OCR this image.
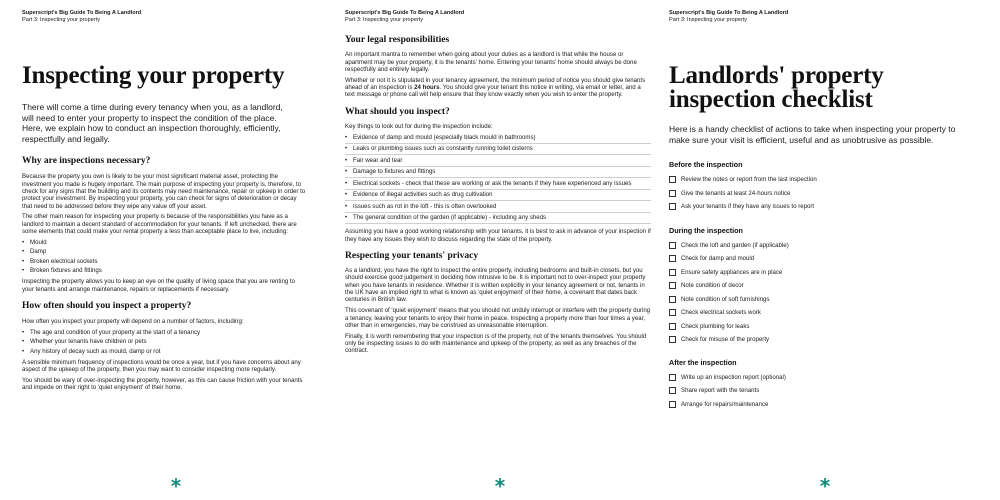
Superscript's Big Guide To Being A Landlord
Part 3: Inspecting your property
Inspecting your property

There will come a time during every tenancy when you, as a landlord, will need to enter your property to inspect the condition of the place. Here, we explain how to conduct an inspection thoroughly, efficiently, respectfully and legally.

Why are inspections necessary?

Because the property you own is likely to be your most significant material asset, protecting the investment you made is hugely important. The main purpose of inspecting your property is, therefore, to check for any signs that the building and its contents may need maintenance, repair or upkeep in order to protect your investment. By inspecting your property, you can check for signs of deterioration or decay that need to be addressed before they wipe any value off your asset.

The other main reason for inspecting your property is because of the responsibilities you have as a landlord to maintain a decent standard of accommodation for your tenants. If left unchecked, there are some elements that could make your rental property a less than acceptable place to live, including:

• Mould
• Damp
• Broken electrical sockets
• Broken fixtures and fittings

Inspecting the property allows you to keep an eye on the quality of living space that you are renting to your tenants and arrange maintenance, repairs or replacements if necessary.

How often should you inspect a property?

How often you inspect your property will depend on a number of factors, including:

• The age and condition of your property at the start of a tenancy
• Whether your tenants have children or pets
• Any history of decay such as mould, damp or rot

A sensible minimum frequency of inspections would be once a year, but if you have concerns about any aspect of the upkeep of the property, then you may want to consider inspecting more regularly.

You should be wary of over-inspecting the property, however, as this can cause friction with your tenants and impede on their right to 'quiet enjoyment' of their home.

*
Superscript's Big Guide To Being A Landlord
Part 3: Inspecting your property
Your legal responsibilities

An important mantra to remember when going about your duties as a landlord is that while the house or apartment may be your property, it is the tenants' home. Entering your tenants' home should always be done respectfully and entirely legally.

Whether or not it is stipulated in your tenancy agreement, the minimum period of notice you should give tenants ahead of an inspection is 24 hours. You should give your tenant this notice in writing, via email or letter, and a text message or phone call will help ensure that they know exactly when you wish to enter the property.

What should you inspect?

Key things to look out for during the inspection include:

• Evidence of damp and mould (especially black mould in bathrooms)
• Leaks or plumbing issues such as constantly running toilet cisterns
• Fair wear and tear
• Damage to fixtures and fittings
• Electrical sockets - check that these are working or ask the tenants if they have experienced any issues
• Evidence of illegal activities such as drug cultivation
• Issues such as rot in the loft - this is often overlooked
• The general condition of the garden (if applicable) - including any sheds

Assuming you have a good working relationship with your tenants, it is best to ask in advance of your inspection if they have any issues they wish to discuss regarding the state of the property.

Respecting your tenants' privacy

As a landlord, you have the right to inspect the entire property, including bedrooms and built-in closets, but you should exercise good judgement in deciding how intrusive to be. It is important not to over-inspect your property when you have tenants in residence. Whether it is written explicitly in your tenancy agreement or not, tenants in the UK have an implied right to what is known as 'quiet enjoyment' of their home, a covenant that dates back centuries in British law.

This covenant of 'quiet enjoyment' means that you should not unduly interrupt or interfere with the property during a tenancy, leaving your tenants to enjoy their home in peace. Inspecting a property more than four times a year, other than in emergencies, may be construed as unreasonable interruption.

Finally, it is worth remembering that your inspection is of the property, not of the tenants themselves. You should only be inspecting issues to do with maintenance and upkeep of the property, as well as any breaches of the contract.

*
Superscript's Big Guide To Being A Landlord
Part 3: Inspecting your property
Landlords' property inspection checklist

Here is a handy checklist of actions to take when inspecting your property to make sure your visit is efficient, useful and as unobtrusive as possible.

Before the inspection

Review the notes or report from the last inspection
Give the tenants at least 24-hours notice
Ask your tenants if they have any issues to report

During the inspection

Check the loft and garden (if applicable)
Check for damp and mould
Ensure safety appliances are in place
Note condition of decor
Note condition of soft furnishings
Check electrical sockets work
Check plumbing for leaks
Check for misuse of the property

After the inspection

Write up an inspection report (optional)
Share report with the tenants
Arrange for repairs/maintenance
*
